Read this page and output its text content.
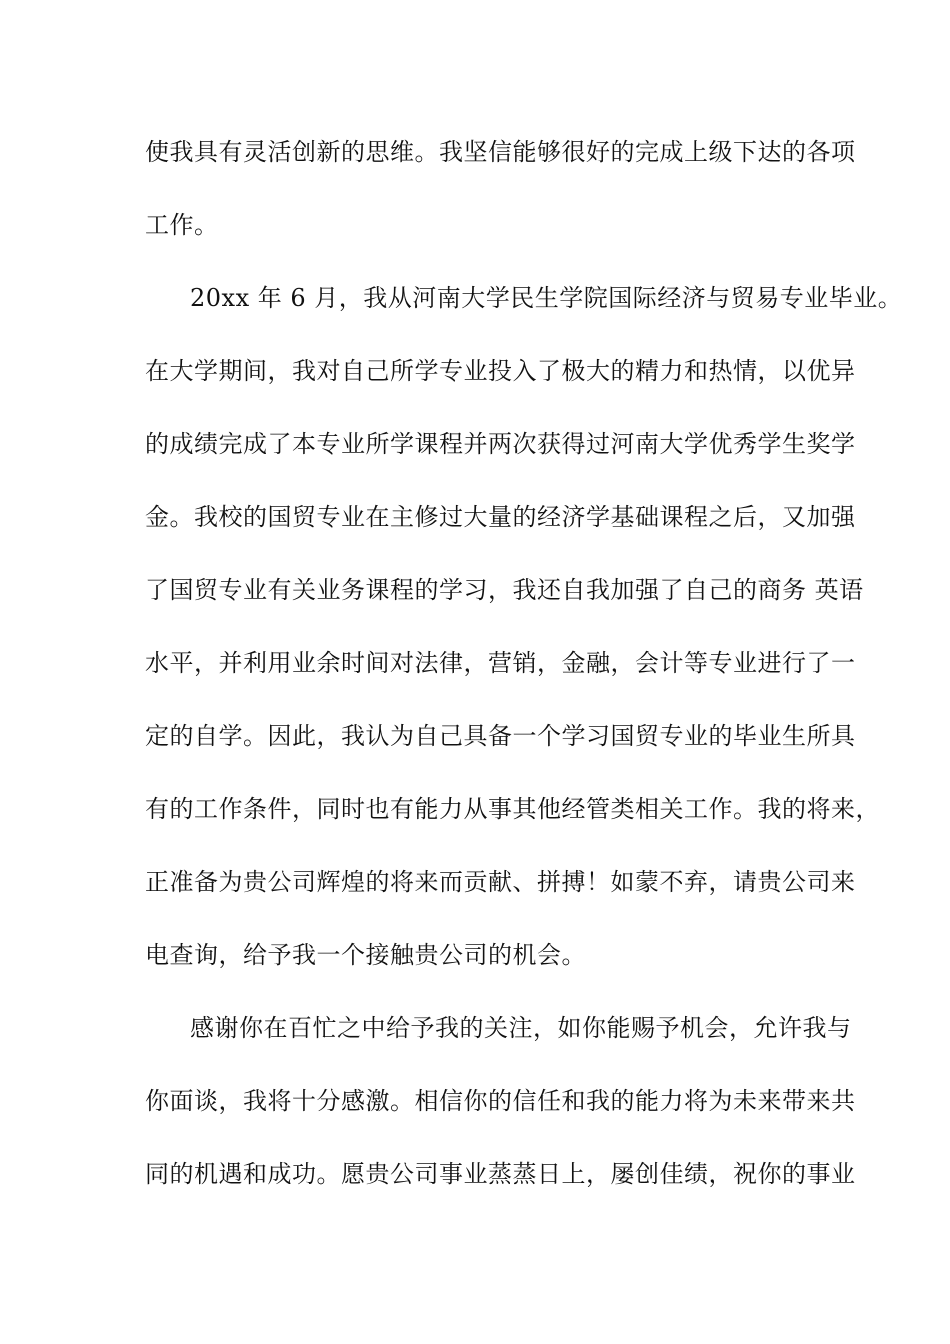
使我具有灵活创新的思维。我坚信能够很好的完成上级下达的各项

工作。

20xx 年 6 月，我从河南大学民生学院国际经济与贸易专业毕业。

在大学期间，我对自己所学专业投入了极大的精力和热情，以优异

的成绩完成了本专业所学课程并两次获得过河南大学优秀学生奖学

金。我校的国贸专业在主修过大量的经济学基础课程之后，又加强

了国贸专业有关业务课程的学习，我还自我加强了自己的商务 英语

水平，并利用业余时间对法律，营销，金融，会计等专业进行了一

定的自学。因此，我认为自己具备一个学习国贸专业的毕业生所具

有的工作条件，同时也有能力从事其他经管类相关工作。我的将来，

正准备为贵公司辉煌的将来而贡献、拼搏！如蒙不弃，请贵公司来

电查询，给予我一个接触贵公司的机会。

感谢你在百忙之中给予我的关注，如你能赐予机会，允许我与

你面谈，我将十分感激。相信你的信任和我的能力将为未来带来共

同的机遇和成功。愿贵公司事业蒸蒸日上，屡创佳绩，祝你的事业
